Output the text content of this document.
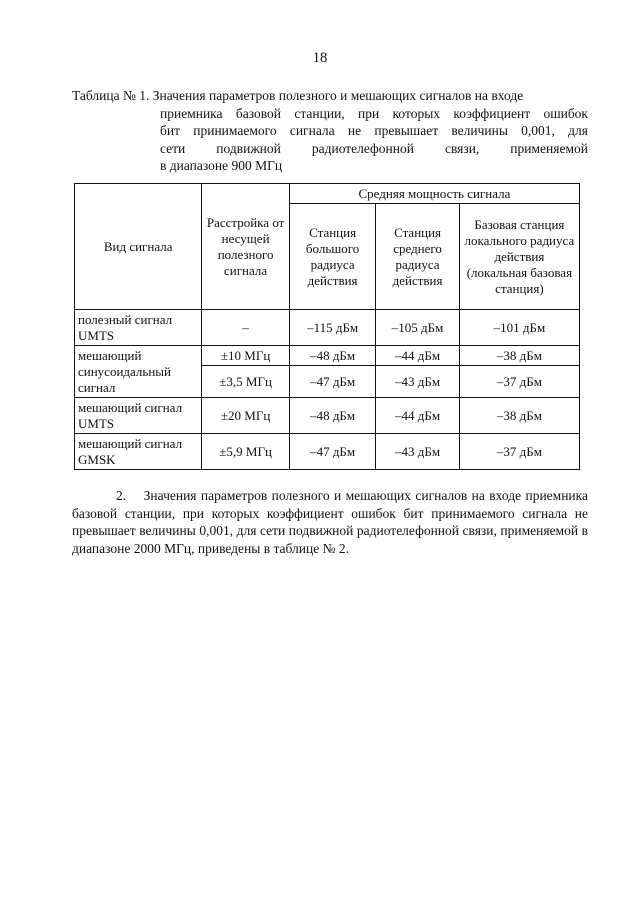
18
Таблица № 1. Значения параметров полезного и мешающих сигналов на входе
приемника базовой станции, при которых коэффициент ошибок
бит принимаемого сигнала не превышает величины 0,001, для
сети подвижной радиотелефонной связи, применяемой
в диапазоне 900 МГц
Вид сигнала	Расстройка от несущей полезного сигнала	Средняя мощность сигнала		
		Станция большого радиуса действия	Станция среднего радиуса действия	Базовая станция локального радиуса действия (локальная базовая станция)
полезный сигнал UMTS	–	–115 дБм	–105 дБм	–101 дБм
мешающий синусоидальный сигнал	±10 МГц	–48 дБм	–44 дБм	–38 дБм
	±3,5 МГц	–47 дБм	–43 дБм	–37 дБм
мешающий сигнал UMTS	±20 МГц	–48 дБм	–44 дБм	–38 дБм
мешающий сигнал GMSK	±5,9 МГц	–47 дБм	–43 дБм	–37 дБм
2.    Значения параметров полезного и мешающих сигналов на входе приемника базовой станции, при которых коэффициент ошибок бит принимаемого сигнала не превышает величины 0,001, для сети подвижной радиотелефонной связи, применяемой в диапазоне 2000 МГц, приведены в таблице № 2.
